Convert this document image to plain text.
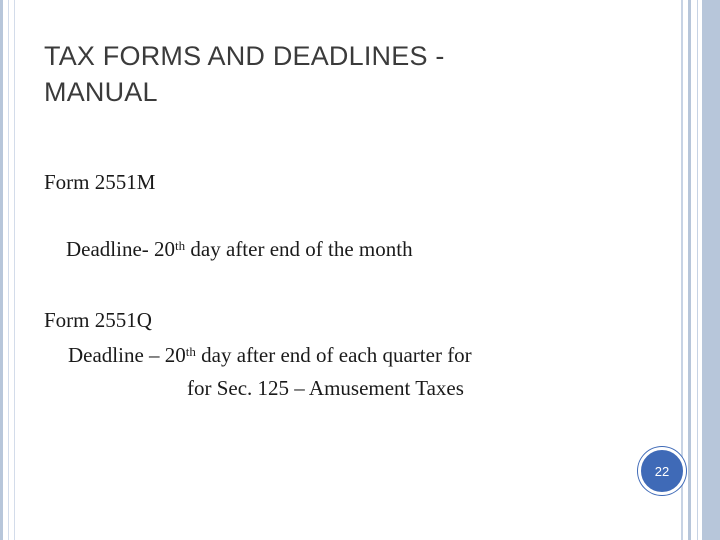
TAX FORMS AND DEADLINES - MANUAL
Form 2551M
Deadline- 20th day after end of the month
Form 2551Q
Deadline – 20th day after end of each quarter for
for Sec. 125 – Amusement Taxes
22
